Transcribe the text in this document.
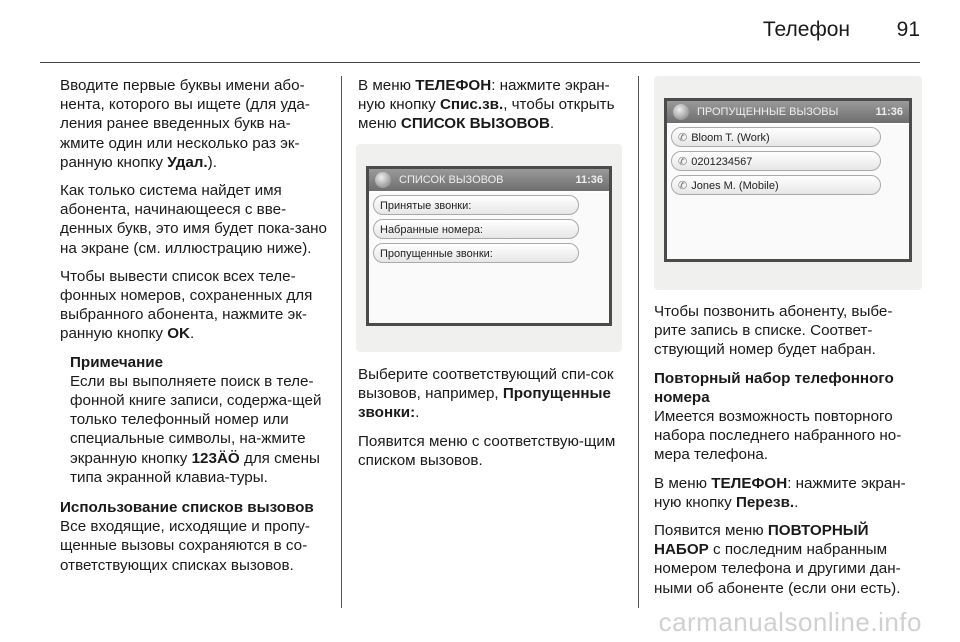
Телефон 91

Вводите первые буквы имени або-нента, которого вы ищете (для уда-ления ранее введенных букв на-жмите один или несколько раз эк-ранную кнопку Удал.).

Как только система найдет имя абонента, начинающееся с вве-денных букв, это имя будет пока-зано на экране (см. иллюстрацию ниже).

Чтобы вывести список всех теле-фонных номеров, сохраненных для выбранного абонента, нажмите эк-ранную кнопку OK.

Примечание
Если вы выполняете поиск в теле-фонной книге записи, содержа-щей только телефонный номер или специальные символы, на-жмите экранную кнопку 123ÄÖ для смены типа экранной клавиа-туры.
Использование списков вызовов

Все входящие, исходящие и пропу-щенные вызовы сохраняются в со-ответствующих списках вызовов.

В меню ТЕЛЕФОН: нажмите экран-ную кнопку Спис.зв., чтобы открыть меню СПИСОК ВЫЗОВОВ.

СПИСОК ВЫЗОВОВ	11:36
Принятые звонки:
Набранные номера:
Пропущенные звонки:

Выберите соответствующий спи-сок вызовов, например, Пропущенные звонки:.

Появится меню с соответствую-щим списком вызовов.

ПРОПУЩЕННЫЕ ВЫЗОВЫ	11:36
✆ Bloom T. (Work)
✆ 0201234567
✆ Jones M. (Mobile)

Чтобы позвонить абоненту, выбе-рите запись в списке. Соответ-ствующий номер будет набран.

Повторный набор телефонного номера

Имеется возможность повторного набора последнего набранного но-мера телефона.

В меню ТЕЛЕФОН: нажмите экран-ную кнопку Перезв..

Появится меню ПОВТОРНЫЙ НАБОР с последним набранным номером телефона и другими дан-ными об абоненте (если они есть).

carmanualsonline.info
